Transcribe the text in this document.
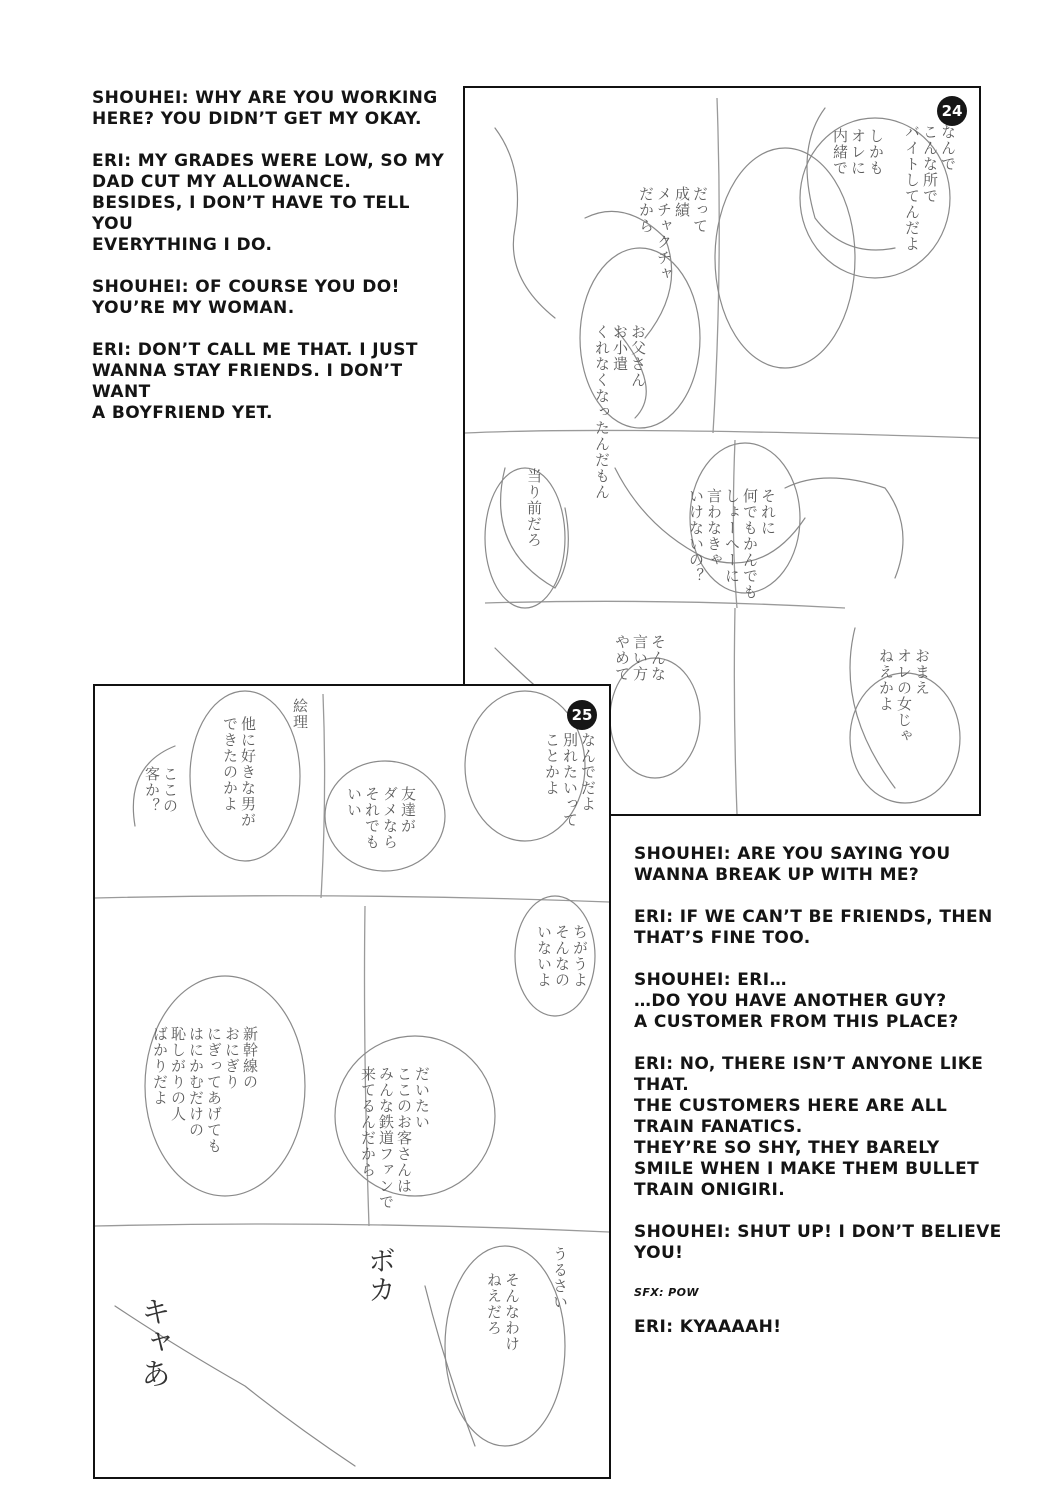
SHOUHEI: WHY ARE YOU WORKING
HERE? YOU DIDN’T GET MY OKAY.

ERI: MY GRADES WERE LOW, SO MY
DAD CUT MY ALLOWANCE.
BESIDES, I DON’T HAVE TO TELL YOU
EVERYTHING I DO.

SHOUHEI: OF COURSE YOU DO!
YOU’RE MY WOMAN.

ERI: DON’T CALL ME THAT. I JUST
WANNA STAY FRIENDS. I DON’T WANT
A BOYFRIEND YET.

24
なんで
こんな所で
バイトしてんだよ
しかも
オレに
内緒で
だって
成績
メチャクチャ
だから
お父さん
お小遣
くれなくなったんだもん
それに
何でもかんでも
しょーへーに
言わなきゃ
いけないの？
当り前だろ
おまえ
オレの女じゃ
ねえかよ
そんな
言い方
やめて
25
なんでだよ
別れたいって
ことかよ
友達が
ダメなら
それでも
いい
他に好きな男が
できたのかよ
ここの
客か？
絵理
ちがうよ
そんなの
いないよ
だいたい
ここのお客さんは
みんな鉄道ファンで
来てるんだから
新幹線の
おにぎり
にぎってあげても
はにかむだけの
恥しがりの人
ばかりだよ
うるさい
そんなわけ
ねえだろ
ボカ
キャあ

SHOUHEI: ARE YOU SAYING YOU
WANNA BREAK UP WITH ME?

ERI: IF WE CAN’T BE FRIENDS, THEN
THAT’S FINE TOO.

SHOUHEI: ERI…
…DO YOU HAVE ANOTHER GUY?
A CUSTOMER FROM THIS PLACE?

ERI: NO, THERE ISN’T ANYONE LIKE
THAT.
THE CUSTOMERS HERE ARE ALL
TRAIN FANATICS.
THEY’RE SO SHY, THEY BARELY
SMILE WHEN I MAKE THEM BULLET
TRAIN ONIGIRI.

SHOUHEI: SHUT UP! I DON’T BELIEVE
YOU!

SFX: POW

ERI: KYAAAAH!
